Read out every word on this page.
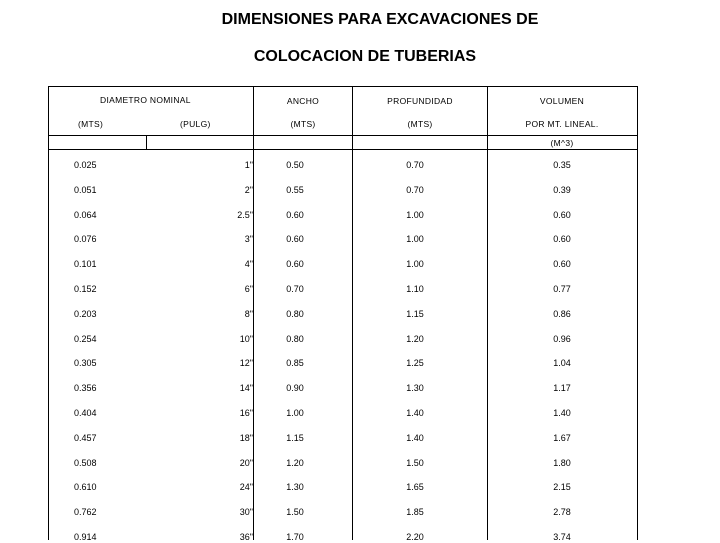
DIMENSIONES PARA EXCAVACIONES DE
COLOCACION DE TUBERIAS
DIAMETRO NOMINAL	ANCHO	PROFUNDIDAD	VOLUMEN
(MTS)	(PULG)	(MTS)	(MTS)	POR MT. LINEAL.
(M^3)
0.025	1"	0.50	0.70	0.35
0.051	2"	0.55	0.70	0.39
0.064	2.5"	0.60	1.00	0.60
0.076	3"	0.60	1.00	0.60
0.101	4"	0.60	1.00	0.60
0.152	6"	0.70	1.10	0.77
0.203	8"	0.80	1.15	0.86
0.254	10"	0.80	1.20	0.96
0.305	12"	0.85	1.25	1.04
0.356	14"	0.90	1.30	1.17
0.404	16"	1.00	1.40	1.40
0.457	18"	1.15	1.40	1.67
0.508	20"	1.20	1.50	1.80
0.610	24"	1.30	1.65	2.15
0.762	30"	1.50	1.85	2.78
0.914	36"	1.70	2.20	3.74
